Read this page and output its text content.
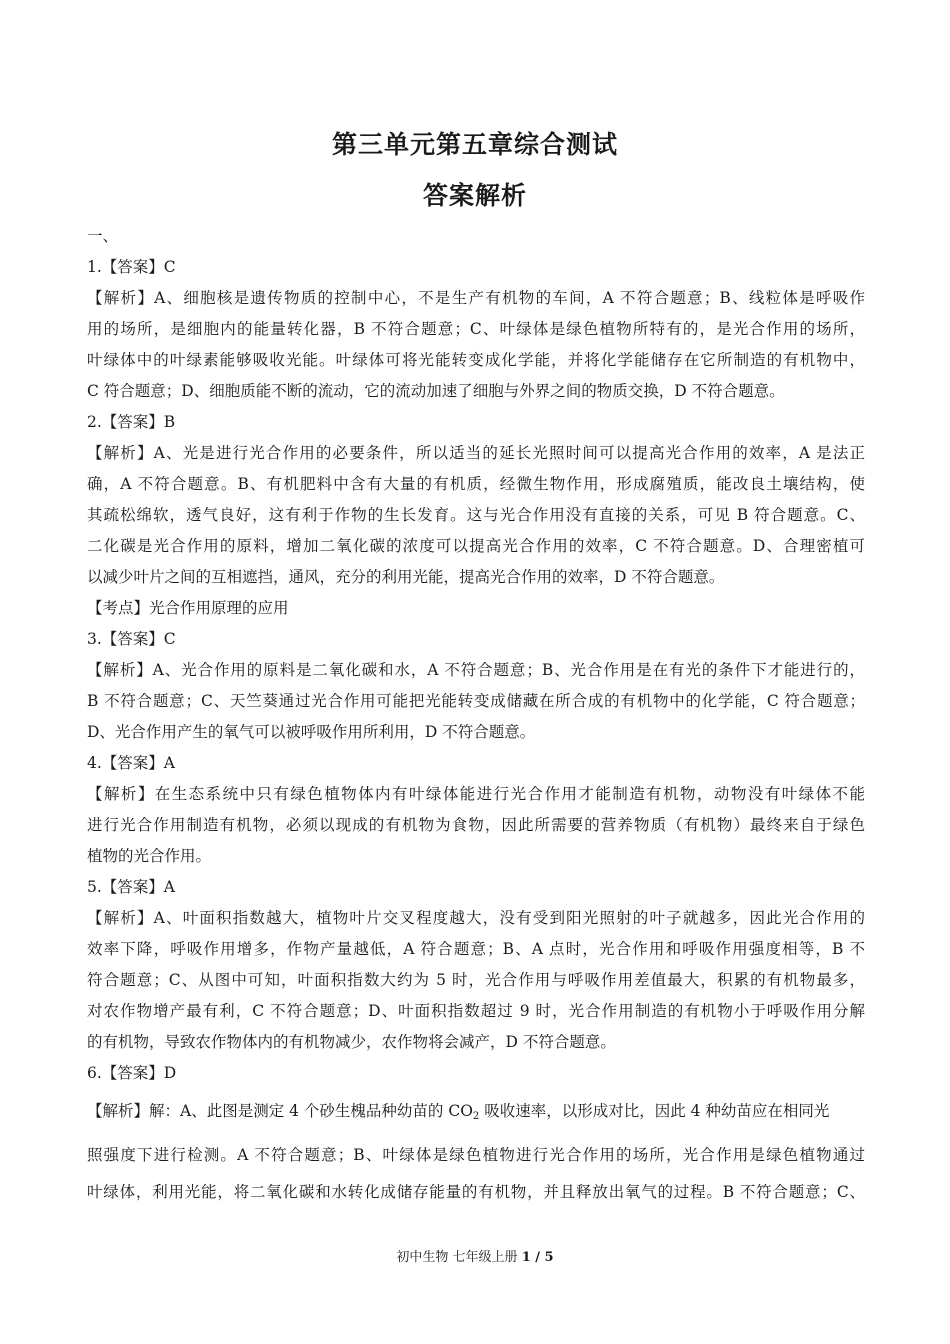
第三单元第五章综合测试
答案解析
一、
1.【答案】C
【解析】A、细胞核是遗传物质的控制中心，不是生产有机物的车间，A 不符合题意；B、线粒体是呼吸作
用的场所，是细胞内的能量转化器，B 不符合题意；C、叶绿体是绿色植物所特有的，是光合作用的场所，
叶绿体中的叶绿素能够吸收光能。叶绿体可将光能转变成化学能，并将化学能储存在它所制造的有机物中，
C 符合题意；D、细胞质能不断的流动，它的流动加速了细胞与外界之间的物质交换，D 不符合题意。
2.【答案】B
【解析】A、光是进行光合作用的必要条件，所以适当的延长光照时间可以提高光合作用的效率，A 是法正
确，A 不符合题意。B、有机肥料中含有大量的有机质，经微生物作用，形成腐殖质，能改良土壤结构，使
其疏松绵软，透气良好，这有利于作物的生长发育。这与光合作用没有直接的关系，可见 B 符合题意。C、
二化碳是光合作用的原料，增加二氧化碳的浓度可以提高光合作用的效率，C 不符合题意。D、合理密植可
以减少叶片之间的互相遮挡，通风，充分的利用光能，提高光合作用的效率，D 不符合题意。
【考点】光合作用原理的应用
3.【答案】C
【解析】A、光合作用的原料是二氧化碳和水，A 不符合题意；B、光合作用是在有光的条件下才能进行的，
B 不符合题意；C、天竺葵通过光合作用可能把光能转变成储藏在所合成的有机物中的化学能，C 符合题意；
D、光合作用产生的氧气可以被呼吸作用所利用，D 不符合题意。
4.【答案】A
【解析】在生态系统中只有绿色植物体内有叶绿体能进行光合作用才能制造有机物，动物没有叶绿体不能
进行光合作用制造有机物，必须以现成的有机物为食物，因此所需要的营养物质（有机物）最终来自于绿色
植物的光合作用。
5.【答案】A
【解析】A、叶面积指数越大，植物叶片交叉程度越大，没有受到阳光照射的叶子就越多，因此光合作用的
效率下降，呼吸作用增多，作物产量越低，A 符合题意；B、A 点时，光合作用和呼吸作用强度相等，B 不
符合题意；C、从图中可知，叶面积指数大约为 5 时，光合作用与呼吸作用差值最大，积累的有机物最多，
对农作物增产最有利，C 不符合题意；D、叶面积指数超过 9 时，光合作用制造的有机物小于呼吸作用分解
的有机物，导致农作物体内的有机物减少，农作物将会减产，D 不符合题意。
6.【答案】D
【解析】解：A、此图是测定 4 个砂生槐品种幼苗的 $CO_2$ 吸收速率，以形成对比，因此 4 种幼苗应在相同光
照强度下进行检测。A 不符合题意；B、叶绿体是绿色植物进行光合作用的场所，光合作用是绿色植物通过
叶绿体，利用光能，将二氧化碳和水转化成储存能量的有机物，并且释放出氧气的过程。B 不符合题意；C、
初中生物 七年级上册 1 / 5
